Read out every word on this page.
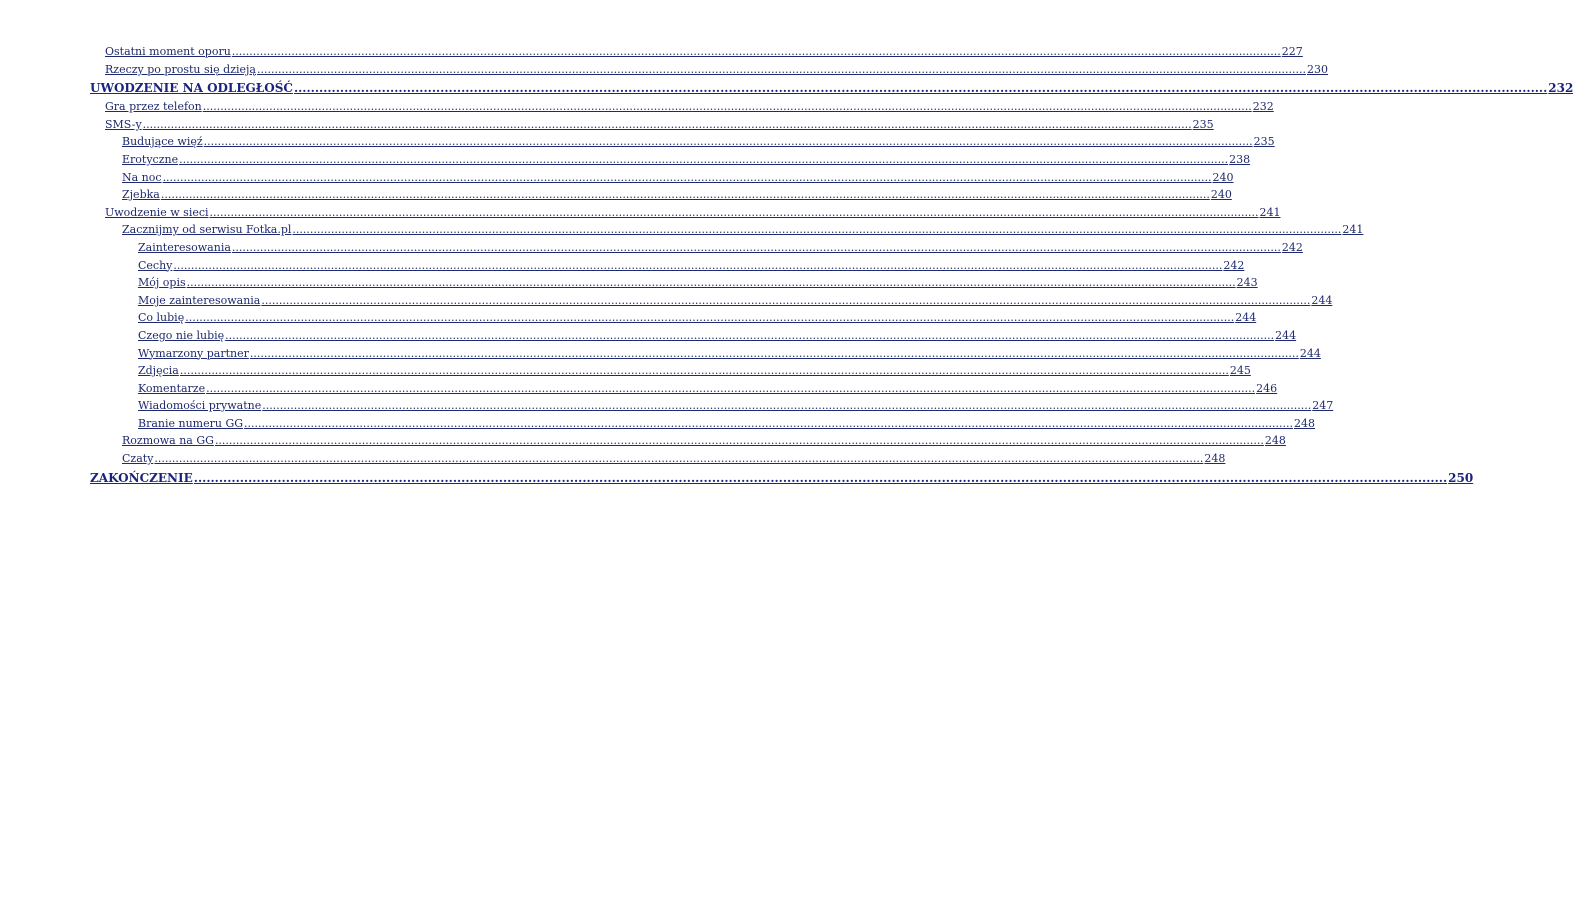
Ostatni moment oporu ............................................................................................................................................................................................................................................................................................................ 227
Rzeczy po prostu się dzieją ............................................................................................................................................................................................................................................................................................................ 230
UWODZENIE NA ODLEGŁOŚĆ ............................................................................................................................................................................................................................................................................................................ 232
Gra przez telefon ............................................................................................................................................................................................................................................................................................................ 232
SMS-y ............................................................................................................................................................................................................................................................................................................ 235
Budujące więź ............................................................................................................................................................................................................................................................................................................ 235
Erotyczne ............................................................................................................................................................................................................................................................................................................ 238
Na noc ............................................................................................................................................................................................................................................................................................................ 240
Zjebka ............................................................................................................................................................................................................................................................................................................ 240
Uwodzenie w sieci ............................................................................................................................................................................................................................................................................................................ 241
Zacznijmy od serwisu Fotka.pl ............................................................................................................................................................................................................................................................................................................ 241
Zainteresowania ............................................................................................................................................................................................................................................................................................................ 242
Cechy ............................................................................................................................................................................................................................................................................................................ 242
Mój opis ............................................................................................................................................................................................................................................................................................................ 243
Moje zainteresowania ............................................................................................................................................................................................................................................................................................................ 244
Co lubię ............................................................................................................................................................................................................................................................................................................ 244
Czego nie lubię ............................................................................................................................................................................................................................................................................................................ 244
Wymarzony partner ............................................................................................................................................................................................................................................................................................................ 244
Zdjęcia ............................................................................................................................................................................................................................................................................................................ 245
Komentarze ............................................................................................................................................................................................................................................................................................................ 246
Wiadomości prywatne ............................................................................................................................................................................................................................................................................................................ 247
Branie numeru GG ............................................................................................................................................................................................................................................................................................................ 248
Rozmowa na GG ............................................................................................................................................................................................................................................................................................................ 248
Czaty ............................................................................................................................................................................................................................................................................................................ 248
ZAKOŃCZENIE ............................................................................................................................................................................................................................................................................................................ 250
